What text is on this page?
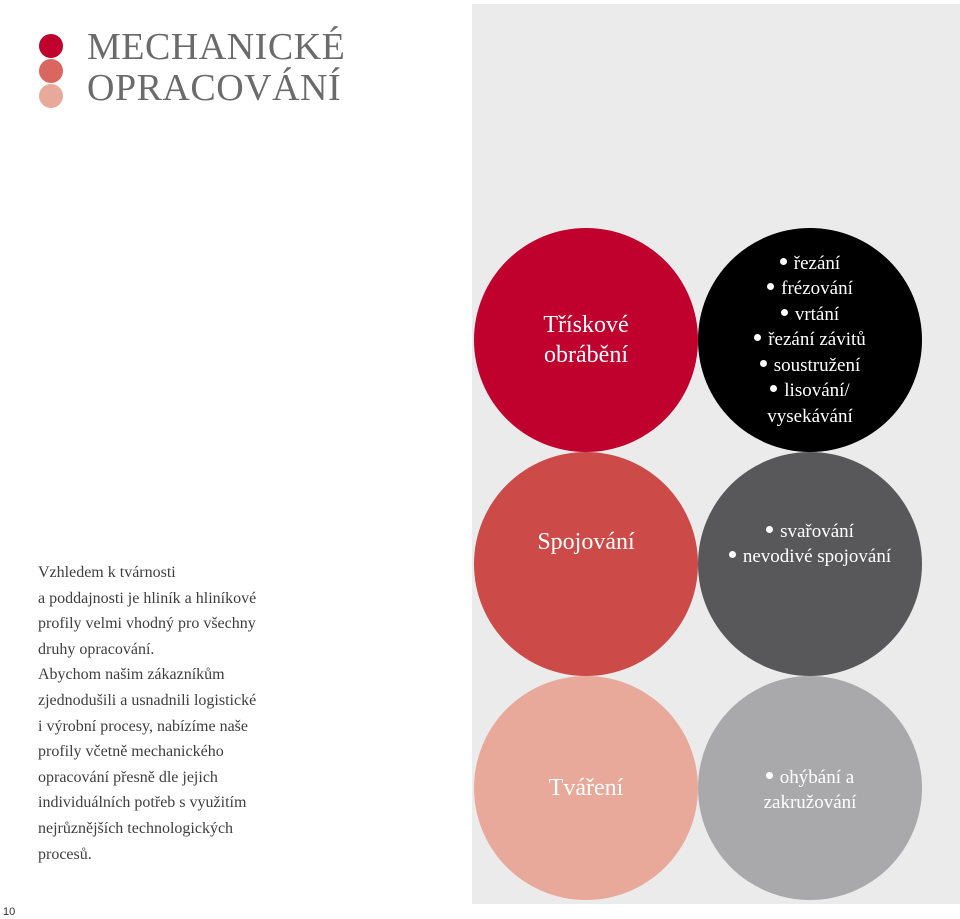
MECHANICKÉ
OPRACOVÁNÍ

Vzhledem k tvárnosti
a poddajnosti je hliník a hliníkové
profily velmi vhodný pro všechny
druhy opracování.
Abychom našim zákazníkům
zjednodušili a usnadnili logistické
i výrobní procesy, nabízíme naše
profily včetně mechanického
opracování přesně dle jejich
individuálních potřeb s využitím
nejrůznějších technologických
procesů.

Třískové
obrábění
řezání
frézování
vrtání
řezání závitů
soustružení
lisování/
vysekávání
Spojování	svařování
nevodivé spojování
Tváření	ohýbání a
zakružování
10
